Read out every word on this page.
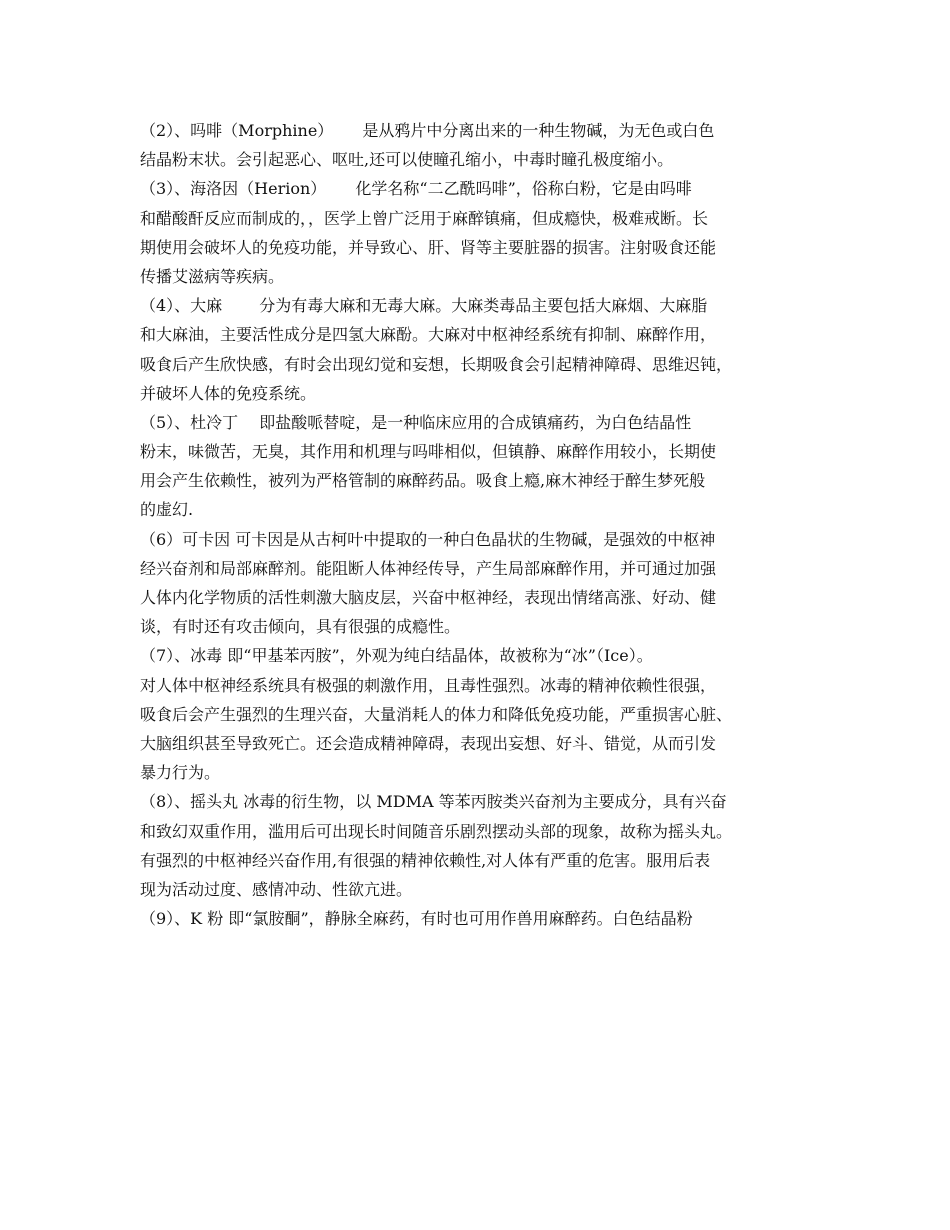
（2）、吗啡（Morphine）　　 是从鸦片中分离出来的一种生物碱，为无色或白色
结晶粉末状。会引起恶心、呕吐,还可以使瞳孔缩小，中毒时瞳孔极度缩小。
（3）、海洛因（Herion）　　 化学名称“二乙酰吗啡”，俗称白粉，它是由吗啡
和醋酸酐反应而制成的，，医学上曾广泛用于麻醉镇痛，但成瘾快，极难戒断。长
期使用会破坏人的免疫功能，并导致心、肝、肾等主要脏器的损害。注射吸食还能
传播艾滋病等疾病。
（4）、大麻　　 分为有毒大麻和无毒大麻。大麻类毒品主要包括大麻烟、大麻脂
和大麻油，主要活性成分是四氢大麻酚。大麻对中枢神经系统有抑制、麻醉作用，
吸食后产生欣快感，有时会出现幻觉和妄想，长期吸食会引起精神障碍、思维迟钝，
并破坏人体的免疫系统。
（5）、杜冷丁　 即盐酸哌替啶，是一种临床应用的合成镇痛药，为白色结晶性
粉末，味微苦，无臭，其作用和机理与吗啡相似，但镇静、麻醉作用较小，长期使
用会产生依赖性，被列为严格管制的麻醉药品。吸食上瘾,麻木神经于醉生梦死般
的虚幻.
（6）可卡因 可卡因是从古柯叶中提取的一种白色晶状的生物碱，是强效的中枢神
经兴奋剂和局部麻醉剂。能阻断人体神经传导，产生局部麻醉作用，并可通过加强
人体内化学物质的活性刺激大脑皮层，兴奋中枢神经，表现出情绪高涨、好动、健
谈，有时还有攻击倾向，具有很强的成瘾性。
（7）、冰毒 即“甲基苯丙胺”，外观为纯白结晶体，故被称为“冰”（Ice）。
对人体中枢神经系统具有极强的刺激作用，且毒性强烈。冰毒的精神依赖性很强，
吸食后会产生强烈的生理兴奋，大量消耗人的体力和降低免疫功能，严重损害心脏、
大脑组织甚至导致死亡。还会造成精神障碍，表现出妄想、好斗、错觉，从而引发
暴力行为。
（8）、摇头丸 冰毒的衍生物，以 MDMA 等苯丙胺类兴奋剂为主要成分，具有兴奋
和致幻双重作用，滥用后可出现长时间随音乐剧烈摆动头部的现象，故称为摇头丸。
有强烈的中枢神经兴奋作用,有很强的精神依赖性,对人体有严重的危害。服用后表
现为活动过度、感情冲动、性欲亢进。
（9）、K 粉 即“氯胺酮”，静脉全麻药，有时也可用作兽用麻醉药。白色结晶粉
